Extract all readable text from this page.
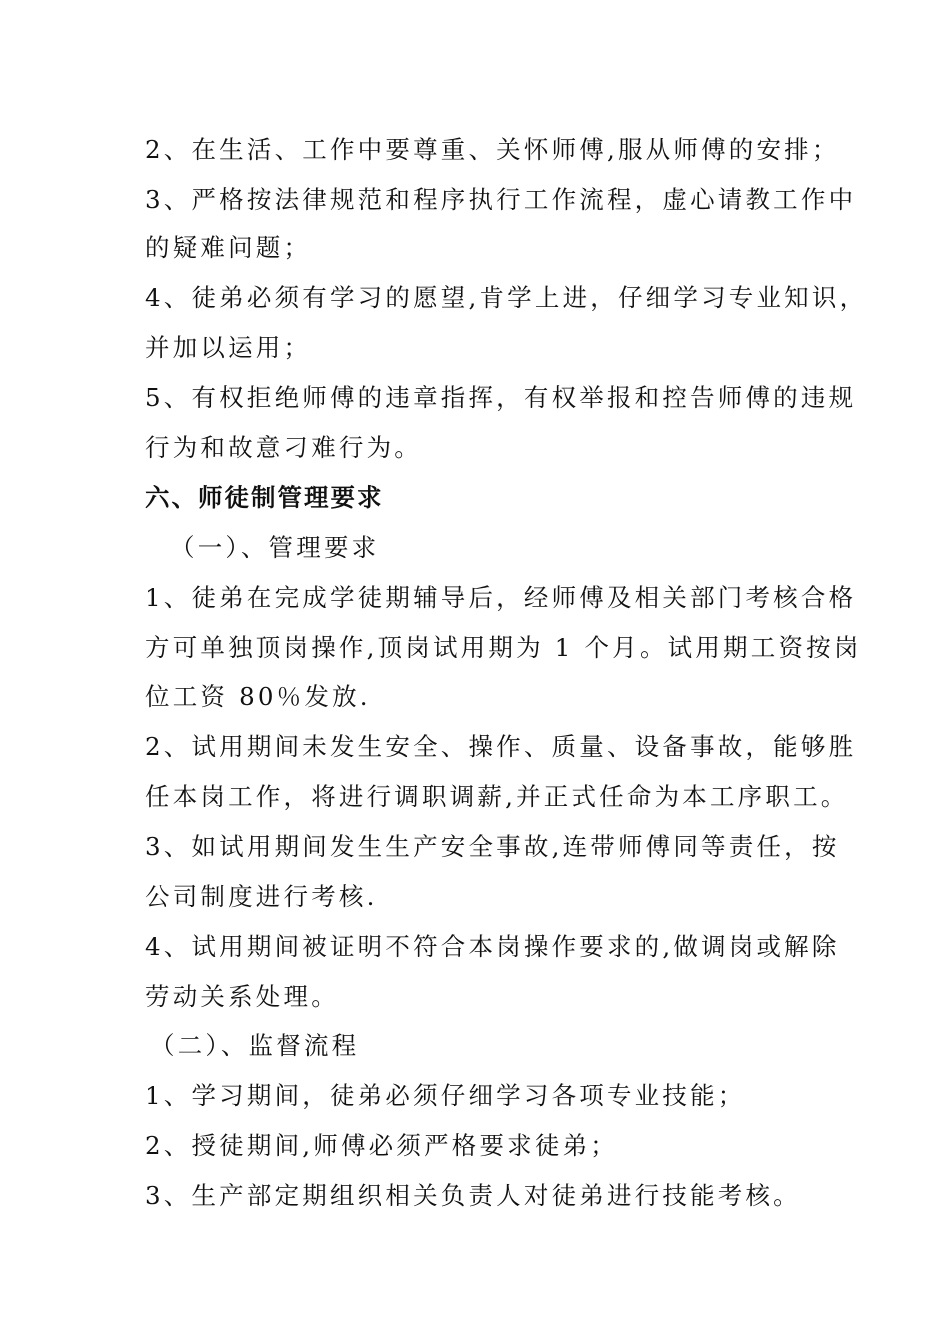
2、在生活、工作中要尊重、关怀师傅,服从师傅的安排；
3、严格按法律规范和程序执行工作流程，虚心请教工作中
的疑难问题；
4、徒弟必须有学习的愿望,肯学上进，仔细学习专业知识，
并加以运用；
5、有权拒绝师傅的违章指挥，有权举报和控告师傅的违规
行为和故意刁难行为。
六、师徒制管理要求
（一）、管理要求
1、徒弟在完成学徒期辅导后，经师傅及相关部门考核合格
方可单独顶岗操作,顶岗试用期为 1 个月。试用期工资按岗
位工资 80％发放.
2、试用期间未发生安全、操作、质量、设备事故，能够胜
任本岗工作，将进行调职调薪,并正式任命为本工序职工。
3、如试用期间发生生产安全事故,连带师傅同等责任，按
公司制度进行考核.
4、试用期间被证明不符合本岗操作要求的,做调岗或解除
劳动关系处理。
（二）、监督流程
1、学习期间，徒弟必须仔细学习各项专业技能；
2、授徒期间,师傅必须严格要求徒弟；
3、生产部定期组织相关负责人对徒弟进行技能考核。
